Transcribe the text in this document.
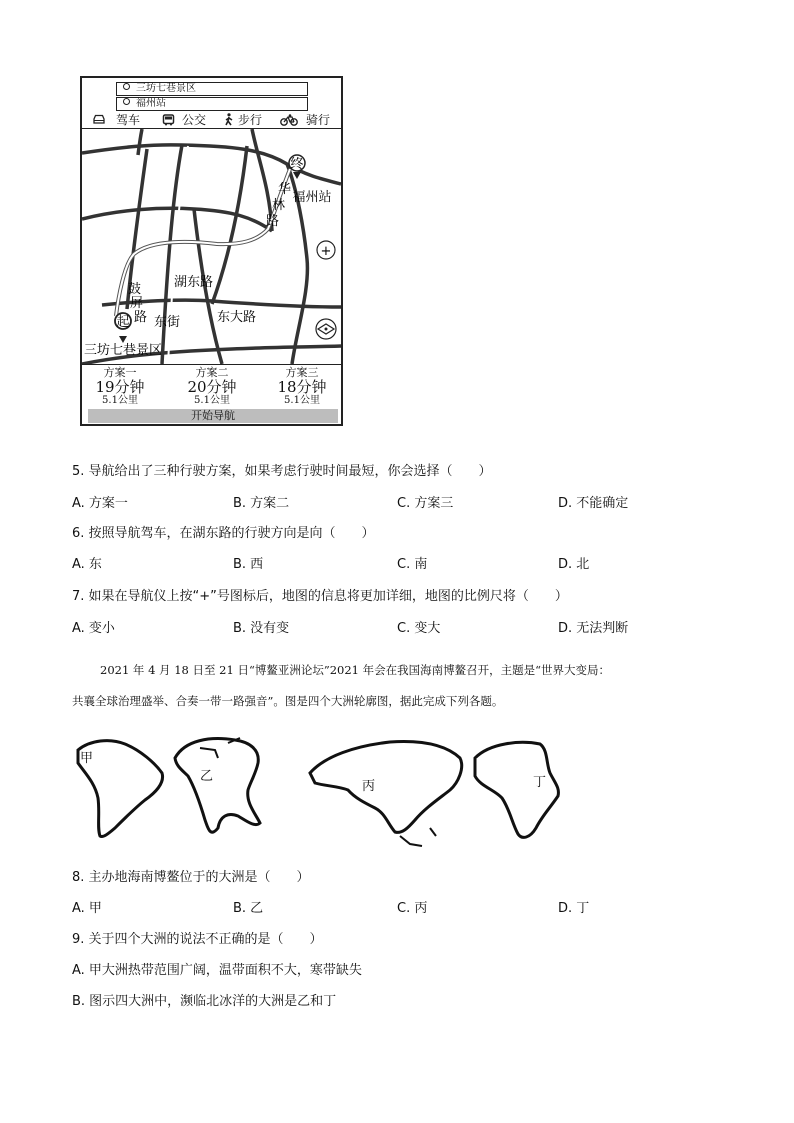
三坊七巷景区
福州站
驾车	公交	步行	骑行
终
起
福州站
华
林
路
湖东路
鼓
屏
路 东街	东大路
三坊七巷景区
+
方案一
19分钟
5.1公里
方案二
20分钟
5.1公里
方案三
18分钟
5.1公里
开始导航
5. 导航给出了三种行驶方案，如果考虑行驶时间最短，你会选择（　　）
A. 方案一	B. 方案二	C. 方案三	D. 不能确定
6. 按照导航驾车，在湖东路的行驶方向是向（　　）
A. 东	B. 西	C. 南	D. 北
7. 如果在导航仪上按“+”号图标后，地图的信息将更加详细，地图的比例尺将（　　）
A. 变小	B. 没有变	C. 变大	D. 无法判断
2021 年 4 月 18 日至 21 日“博鳌亚洲论坛”2021 年会在我国海南博鳌召开，主题是“世界大变局：
共襄全球治理盛举、合奏一带一路强音”。图是四个大洲轮廓图，据此完成下列各题。
甲
乙
丙	丁
8. 主办地海南博鳌位于的大洲是（　　）
A. 甲	B. 乙	C. 丙	D. 丁
9. 关于四个大洲的说法不正确的是（　　）
A. 甲大洲热带范围广阔，温带面积不大，寒带缺失
B. 图示四大洲中，濒临北冰洋的大洲是乙和丁
